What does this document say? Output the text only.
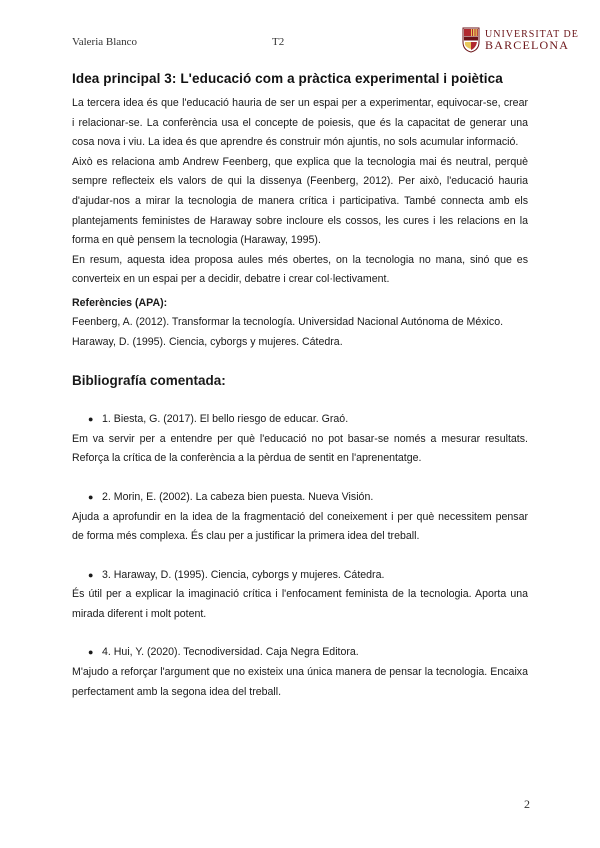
Valeria Blanco	T2
UNIVERSITAT DE
BARCELONA
Idea principal 3: L'educació com a pràctica experimental i poiètica

La tercera idea és que l'educació hauria de ser un espai per a experimentar, equivocar-se, crear i relacionar-se. La conferència usa el concepte de poiesis, que és la capacitat de generar una cosa nova i viu. La idea és que aprendre és construir món ajuntis, no sols acumular informació.

Això es relaciona amb Andrew Feenberg, que explica que la tecnologia mai és neutral, perquè sempre reflecteix els valors de qui la dissenya (Feenberg, 2012). Per això, l'educació hauria d'ajudar-nos a mirar la tecnologia de manera crítica i participativa. També connecta amb els plantejaments feministes de Haraway sobre incloure els cossos, les cures i les relacions en la forma en què pensem la tecnologia (Haraway, 1995).

En resum, aquesta idea proposa aules més obertes, on la tecnologia no mana, sinó que es converteix en un espai per a decidir, debatre i crear col·lectivament.

Referències (APA):

Feenberg, A. (2012). Transformar la tecnología. Universidad Nacional Autónoma de México.

Haraway, D. (1995). Ciencia, cyborgs y mujeres. Cátedra.

Bibliografía comentada:
● 1. Biesta, G. (2017). El bello riesgo de educar. Graó.

Em va servir per a entendre per què l'educació no pot basar-se només a mesurar resultats. Reforça la crítica de la conferència a la pèrdua de sentit en l'aprenentatge.

● 2. Morin, E. (2002). La cabeza bien puesta. Nueva Visión.

Ajuda a aprofundir en la idea de la fragmentació del coneixement i per què necessitem pensar de forma més complexa. És clau per a justificar la primera idea del treball.

● 3. Haraway, D. (1995). Ciencia, cyborgs y mujeres. Cátedra.

És útil per a explicar la imaginació crítica i l'enfocament feminista de la tecnologia. Aporta una mirada diferent i molt potent.

● 4. Hui, Y. (2020). Tecnodiversidad. Caja Negra Editora.

M'ajudo a reforçar l'argument que no existeix una única manera de pensar la tecnologia. Encaixa perfectament amb la segona idea del treball.

2
